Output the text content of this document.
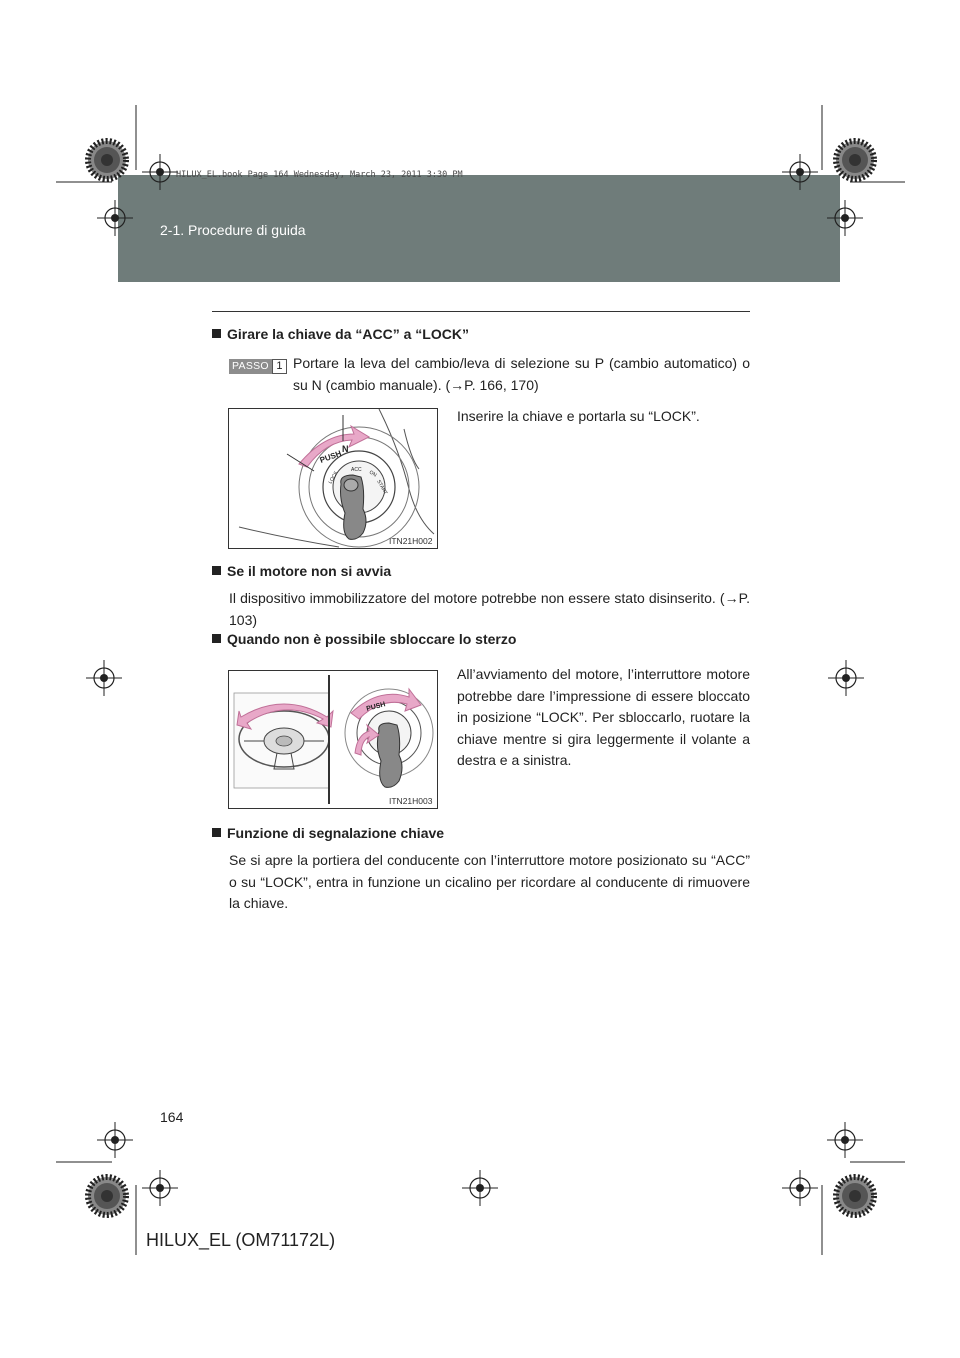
2-1. Procedure di guida
HILUX_EL.book Page 164 Wednesday, March 23, 2011 3:30 PM
Girare la chiave da “ACC” a “LOCK”
PASSO 1 Portare la leva del cambio/leva di selezione su P (cambio automatico) o su N (cambio manuale). (→P. 166, 170)
Inserire la chiave e portarla su “LOCK”.
PUSH
LOCK
ACC ON
START
N
ITN21H002
Se il motore non si avvia
Il dispositivo immobilizzatore del motore potrebbe non essere stato disinserito. (→P. 103)
Quando non è possibile sbloccare lo sterzo
All’avviamento del motore, l’interruttore motore potrebbe dare l’impressione di essere bloccato in posizione “LOCK”. Per sbloccarlo, ruotare la chiave mentre si gira leggermente il volante a destra e a sinistra.
PUSH
ITN21H003
Funzione di segnalazione chiave
Se si apre la portiera del conducente con l’interruttore motore posizionato su “ACC” o su “LOCK”, entra in funzione un cicalino per ricordare al conducente di rimuovere la chiave.
164
HILUX_EL (OM71172L)
